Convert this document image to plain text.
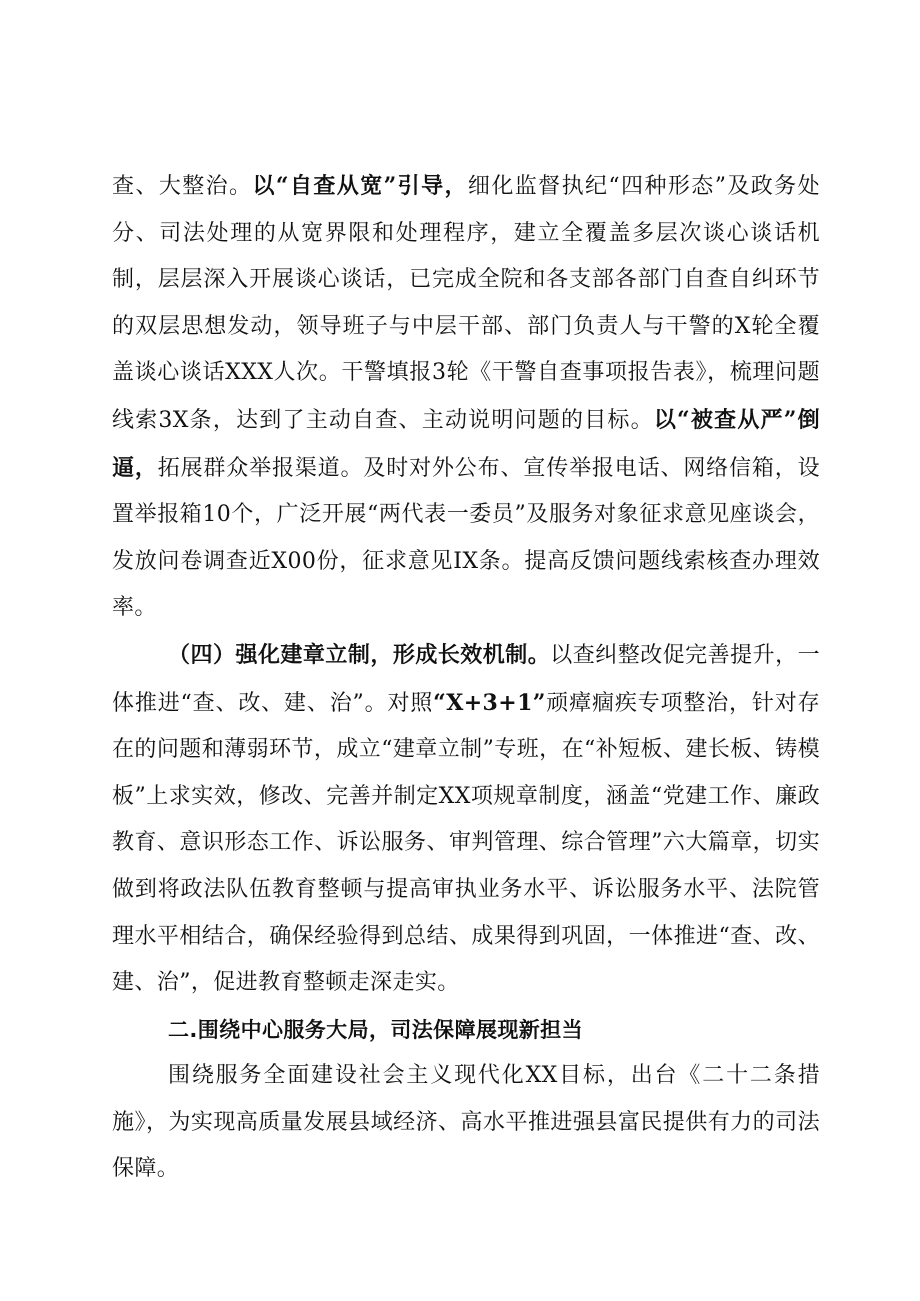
查、大整治。以“自查从宽”引导，细化监督执纪“四种形态”及政务处分、司法处理的从宽界限和处理程序，建立全覆盖多层次谈心谈话机制，层层深入开展谈心谈话，已完成全院和各支部各部门自查自纠环节的双层思想发动，领导班子与中层干部、部门负责人与干警的X轮全覆盖谈心谈话XXX人次。干警填报3轮《干警自查事项报告表》，梳理问题线索3X条，达到了主动自查、主动说明问题的目标。以“被查从严”倒逼，拓展群众举报渠道。及时对外公布、宣传举报电话、网络信箱，设置举报箱10个，广泛开展“两代表一委员”及服务对象征求意见座谈会，发放问卷调查近X00份，征求意见IX条。提高反馈问题线索核查办理效率。

（四）强化建章立制，形成长效机制。以查纠整改促完善提升，一体推进“查、改、建、治”。对照“X+3+1”顽瘴痼疾专项整治，针对存在的问题和薄弱环节，成立“建章立制”专班，在“补短板、建长板、铸模板”上求实效，修改、完善并制定XX项规章制度，涵盖“党建工作、廉政教育、意识形态工作、诉讼服务、审判管理、综合管理”六大篇章，切实做到将政法队伍教育整顿与提高审执业务水平、诉讼服务水平、法院管理水平相结合，确保经验得到总结、成果得到巩固，一体推进“查、改、建、治”，促进教育整顿走深走实。

二.围绕中心服务大局，司法保障展现新担当

围绕服务全面建设社会主义现代化XX目标，出台《二十二条措施》，为实现高质量发展县域经济、高水平推进强县富民提供有力的司法保障。
